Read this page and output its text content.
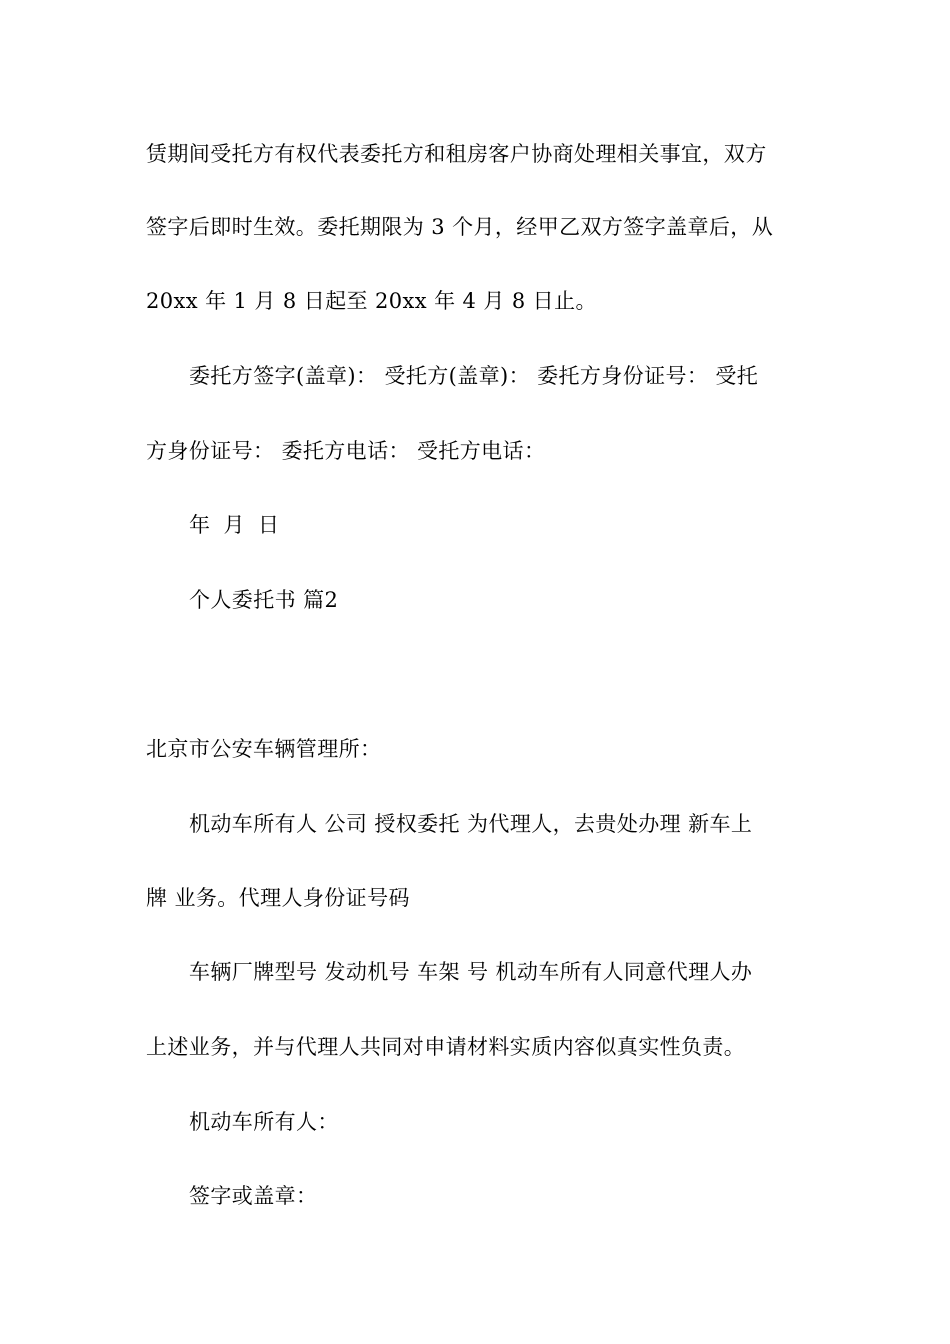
赁期间受托方有权代表委托方和租房客户协商处理相关事宜，双方
签字后即时生效。委托期限为 3 个月，经甲乙双方签字盖章后，从
20xx 年 1 月 8 日起至 20xx 年 4 月 8 日止。
委托方签字(盖章)： 受托方(盖章)： 委托方身份证号： 受托
方身份证号： 委托方电话： 受托方电话：
年 月 日
个人委托书 篇2
北京市公安车辆管理所：
机动车所有人 公司 授权委托 为代理人，去贵处办理 新车上
牌 业务。代理人身份证号码
车辆厂牌型号 发动机号 车架 号 机动车所有人同意代理人办
上述业务，并与代理人共同对申请材料实质内容似真实性负责。
机动车所有人：
签字或盖章：
